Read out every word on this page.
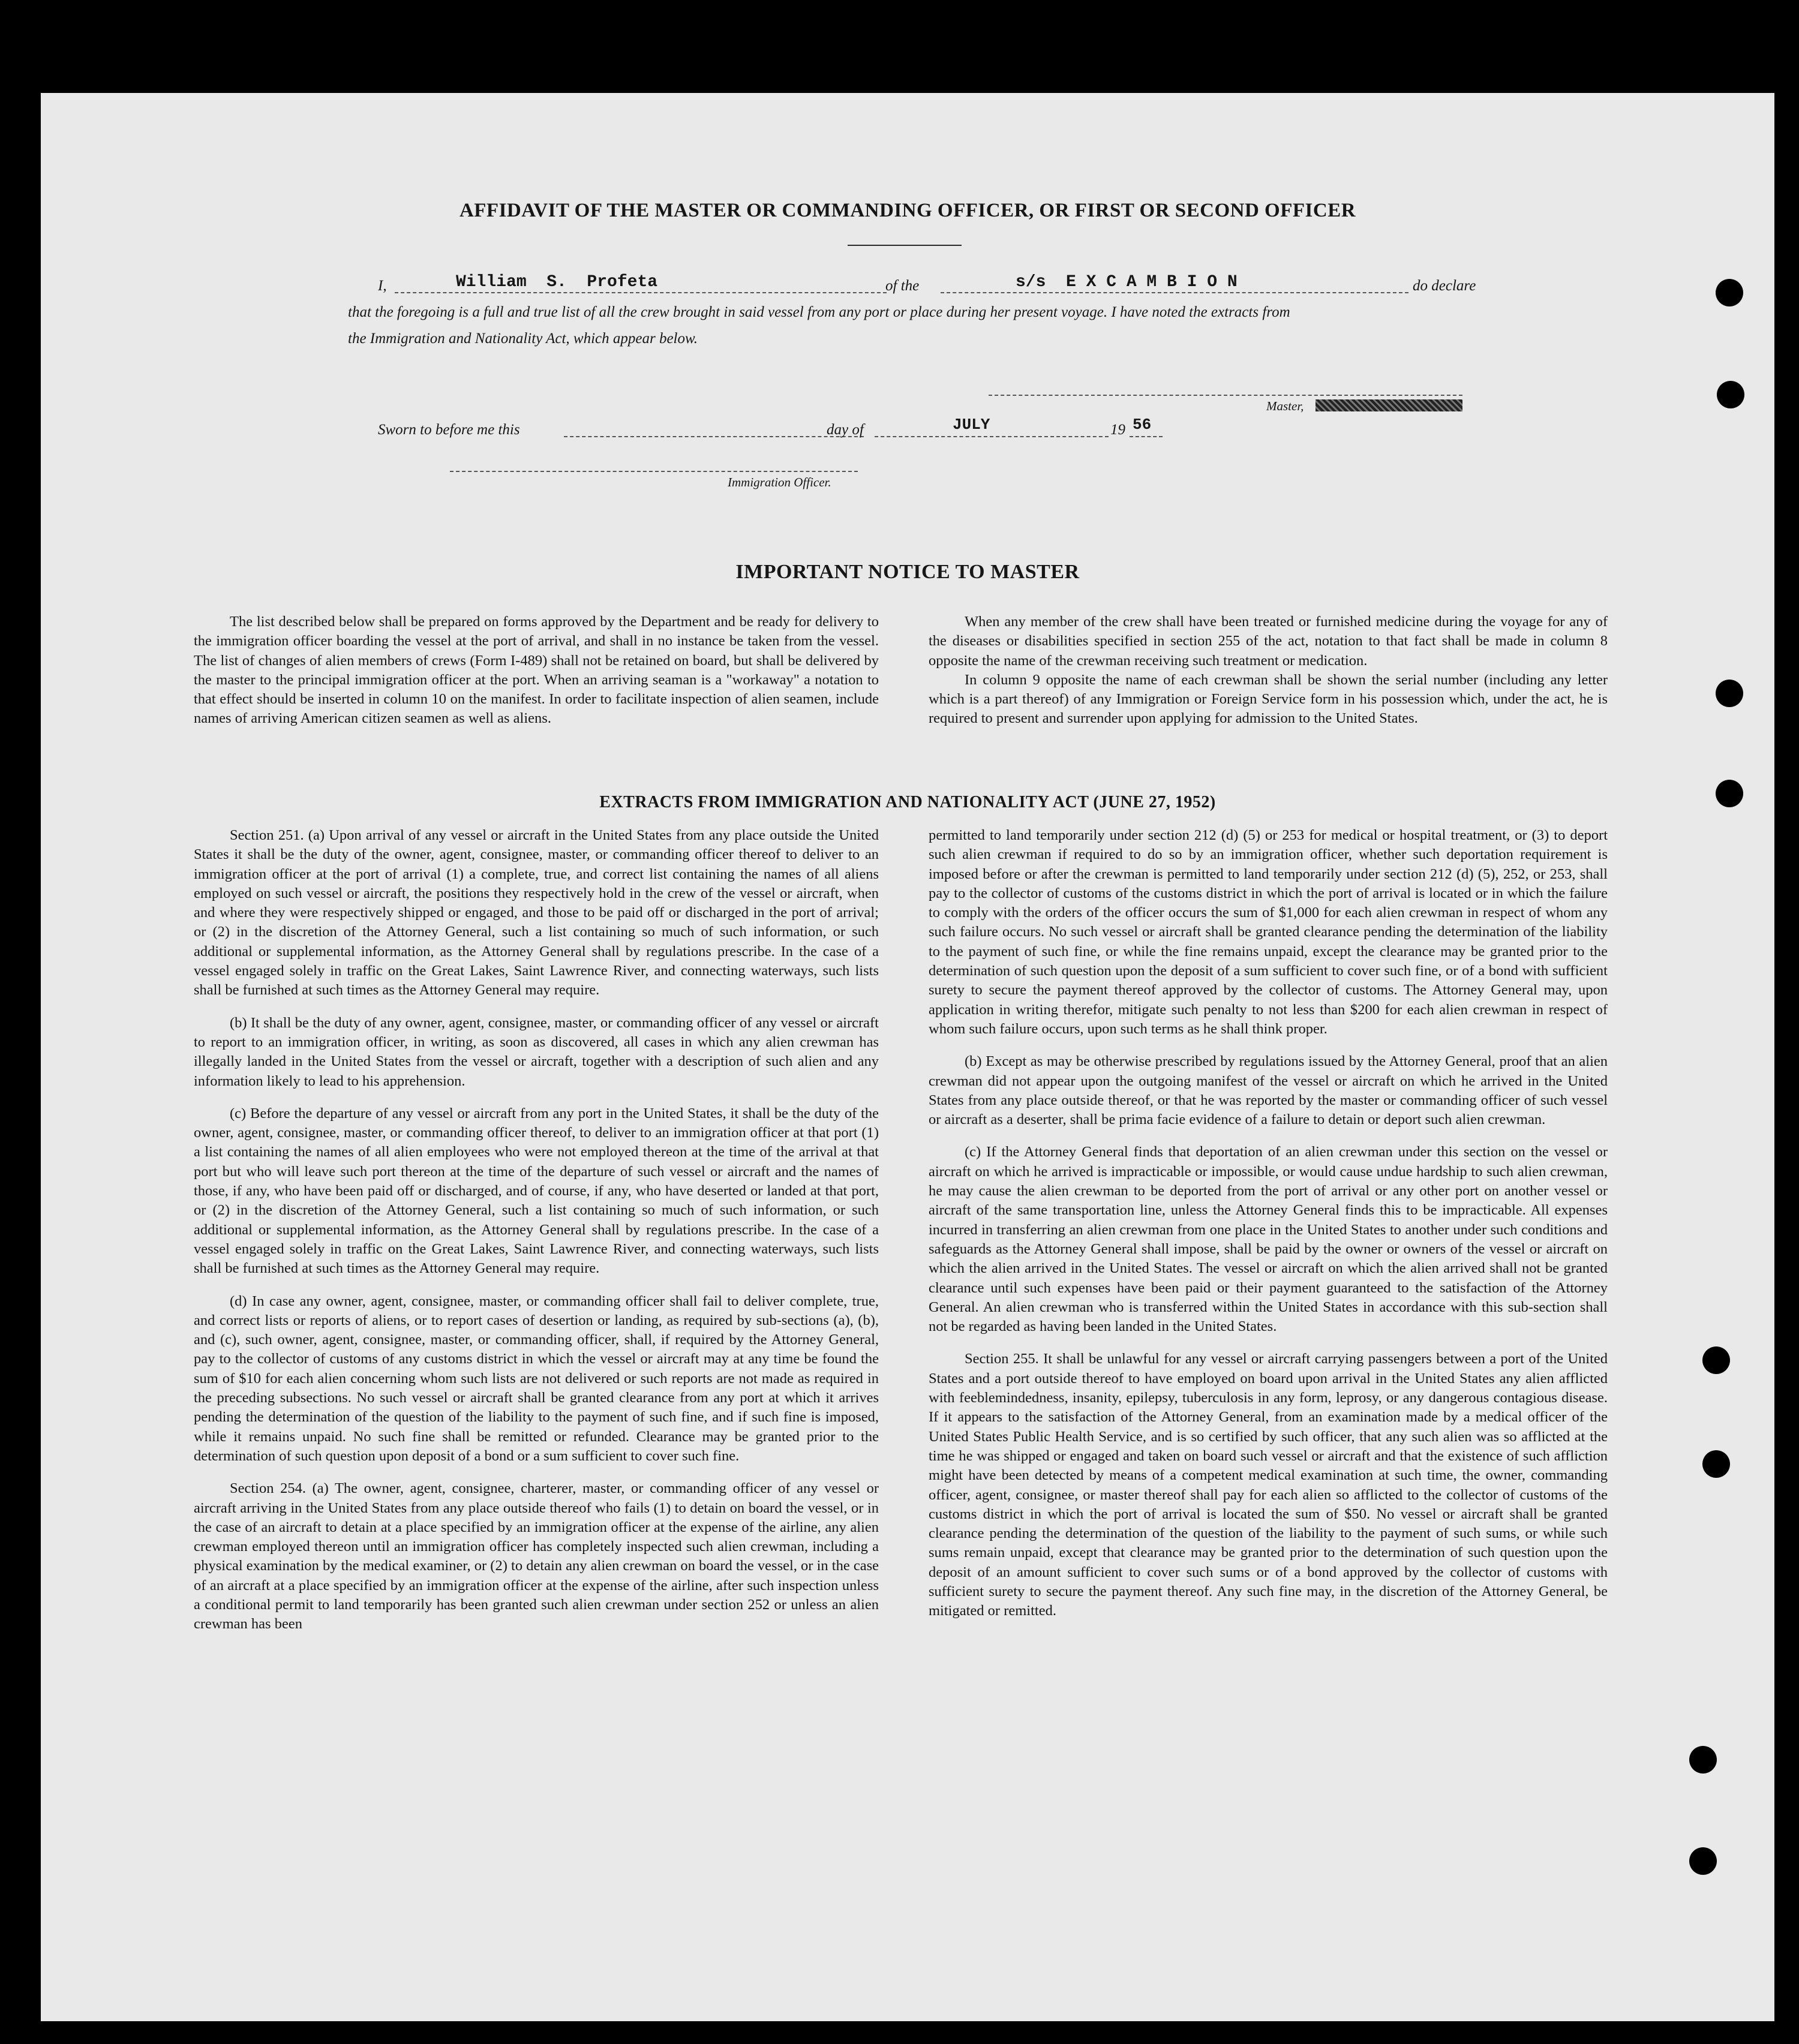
AFFIDAVIT OF THE MASTER OR COMMANDING OFFICER, OR FIRST OR SECOND OFFICER
I,	William  S.  Profeta	of the	s/s  E X C A M B I O N	do declare
that the foregoing is a full and true list of all the crew brought in said vessel from any port or place during her present voyage. I have noted the extracts from
the Immigration and Nationality Act, which appear below.
Master,
Sworn to before me this	day of	JULY	19 56
Immigration Officer.
IMPORTANT NOTICE TO MASTER

The list described below shall be prepared on forms approved by the Department and be ready for delivery to the immigration officer boarding the vessel at the port of arrival, and shall in no instance be taken from the vessel. The list of changes of alien members of crews (Form I-489) shall not be retained on board, but shall be delivered by the master to the principal immigration officer at the port. When an arriving seaman is a "workaway" a notation to that effect should be inserted in column 10 on the manifest. In order to facilitate inspection of alien seamen, include names of arriving American citizen seamen as well as aliens.

When any member of the crew shall have been treated or furnished medicine during the voyage for any of the diseases or disabilities specified in section 255 of the act, notation to that fact shall be made in column 8 opposite the name of the crewman receiving such treatment or medication.

In column 9 opposite the name of each crewman shall be shown the serial number (including any letter which is a part thereof) of any Immigration or Foreign Service form in his possession which, under the act, he is required to present and surrender upon applying for admission to the United States.

EXTRACTS FROM IMMIGRATION AND NATIONALITY ACT (JUNE 27, 1952)

Section 251. (a) Upon arrival of any vessel or aircraft in the United States from any place outside the United States it shall be the duty of the owner, agent, consignee, master, or commanding officer thereof to deliver to an immigration officer at the port of arrival (1) a complete, true, and correct list containing the names of all aliens employed on such vessel or aircraft, the positions they respectively hold in the crew of the vessel or aircraft, when and where they were respectively shipped or engaged, and those to be paid off or discharged in the port of arrival; or (2) in the discretion of the Attorney General, such a list containing so much of such information, or such additional or supplemental information, as the Attorney General shall by regulations prescribe. In the case of a vessel engaged solely in traffic on the Great Lakes, Saint Lawrence River, and connecting waterways, such lists shall be furnished at such times as the Attorney General may require.

(b) It shall be the duty of any owner, agent, consignee, master, or commanding officer of any vessel or aircraft to report to an immigration officer, in writing, as soon as discovered, all cases in which any alien crewman has illegally landed in the United States from the vessel or aircraft, together with a description of such alien and any information likely to lead to his apprehension.

(c) Before the departure of any vessel or aircraft from any port in the United States, it shall be the duty of the owner, agent, consignee, master, or commanding officer thereof, to deliver to an immigration officer at that port (1) a list containing the names of all alien employees who were not employed thereon at the time of the arrival at that port but who will leave such port thereon at the time of the departure of such vessel or aircraft and the names of those, if any, who have been paid off or discharged, and of course, if any, who have deserted or landed at that port, or (2) in the discretion of the Attorney General, such a list containing so much of such information, or such additional or supplemental information, as the Attorney General shall by regulations prescribe. In the case of a vessel engaged solely in traffic on the Great Lakes, Saint Lawrence River, and connecting waterways, such lists shall be furnished at such times as the Attorney General may require.

(d) In case any owner, agent, consignee, master, or commanding officer shall fail to deliver complete, true, and correct lists or reports of aliens, or to report cases of desertion or landing, as required by sub-sections (a), (b), and (c), such owner, agent, consignee, master, or commanding officer, shall, if required by the Attorney General, pay to the collector of customs of any customs district in which the vessel or aircraft may at any time be found the sum of $10 for each alien concerning whom such lists are not delivered or such reports are not made as required in the preceding subsections. No such vessel or aircraft shall be granted clearance from any port at which it arrives pending the determination of the question of the liability to the payment of such fine, and if such fine is imposed, while it remains unpaid. No such fine shall be remitted or refunded. Clearance may be granted prior to the determination of such question upon deposit of a bond or a sum sufficient to cover such fine.

Section 254. (a) The owner, agent, consignee, charterer, master, or commanding officer of any vessel or aircraft arriving in the United States from any place outside thereof who fails (1) to detain on board the vessel, or in the case of an aircraft to detain at a place specified by an immigration officer at the expense of the airline, any alien crewman employed thereon until an immigration officer has completely inspected such alien crewman, including a physical examination by the medical examiner, or (2) to detain any alien crewman on board the vessel, or in the case of an aircraft at a place specified by an immigration officer at the expense of the airline, after such inspection unless a conditional permit to land temporarily has been granted such alien crewman under section 252 or unless an alien crewman has been

permitted to land temporarily under section 212 (d) (5) or 253 for medical or hospital treatment, or (3) to deport such alien crewman if required to do so by an immigration officer, whether such deportation requirement is imposed before or after the crewman is permitted to land temporarily under section 212 (d) (5), 252, or 253, shall pay to the collector of customs of the customs district in which the port of arrival is located or in which the failure to comply with the orders of the officer occurs the sum of $1,000 for each alien crewman in respect of whom any such failure occurs. No such vessel or aircraft shall be granted clearance pending the determination of the liability to the payment of such fine, or while the fine remains unpaid, except the clearance may be granted prior to the determination of such question upon the deposit of a sum sufficient to cover such fine, or of a bond with sufficient surety to secure the payment thereof approved by the collector of customs. The Attorney General may, upon application in writing therefor, mitigate such penalty to not less than $200 for each alien crewman in respect of whom such failure occurs, upon such terms as he shall think proper.

(b) Except as may be otherwise prescribed by regulations issued by the Attorney General, proof that an alien crewman did not appear upon the outgoing manifest of the vessel or aircraft on which he arrived in the United States from any place outside thereof, or that he was reported by the master or commanding officer of such vessel or aircraft as a deserter, shall be prima facie evidence of a failure to detain or deport such alien crewman.

(c) If the Attorney General finds that deportation of an alien crewman under this section on the vessel or aircraft on which he arrived is impracticable or impossible, or would cause undue hardship to such alien crewman, he may cause the alien crewman to be deported from the port of arrival or any other port on another vessel or aircraft of the same transportation line, unless the Attorney General finds this to be impracticable. All expenses incurred in transferring an alien crewman from one place in the United States to another under such conditions and safeguards as the Attorney General shall impose, shall be paid by the owner or owners of the vessel or aircraft on which the alien arrived in the United States. The vessel or aircraft on which the alien arrived shall not be granted clearance until such expenses have been paid or their payment guaranteed to the satisfaction of the Attorney General. An alien crewman who is transferred within the United States in accordance with this sub-section shall not be regarded as having been landed in the United States.

Section 255. It shall be unlawful for any vessel or aircraft carrying passengers between a port of the United States and a port outside thereof to have employed on board upon arrival in the United States any alien afflicted with feeblemindedness, insanity, epilepsy, tuberculosis in any form, leprosy, or any dangerous contagious disease. If it appears to the satisfaction of the Attorney General, from an examination made by a medical officer of the United States Public Health Service, and is so certified by such officer, that any such alien was so afflicted at the time he was shipped or engaged and taken on board such vessel or aircraft and that the existence of such affliction might have been detected by means of a competent medical examination at such time, the owner, commanding officer, agent, consignee, or master thereof shall pay for each alien so afflicted to the collector of customs of the customs district in which the port of arrival is located the sum of $50. No vessel or aircraft shall be granted clearance pending the determination of the question of the liability to the payment of such sums, or while such sums remain unpaid, except that clearance may be granted prior to the determination of such question upon the deposit of an amount sufficient to cover such sums or of a bond approved by the collector of customs with sufficient surety to secure the payment thereof. Any such fine may, in the discretion of the Attorney General, be mitigated or remitted.
